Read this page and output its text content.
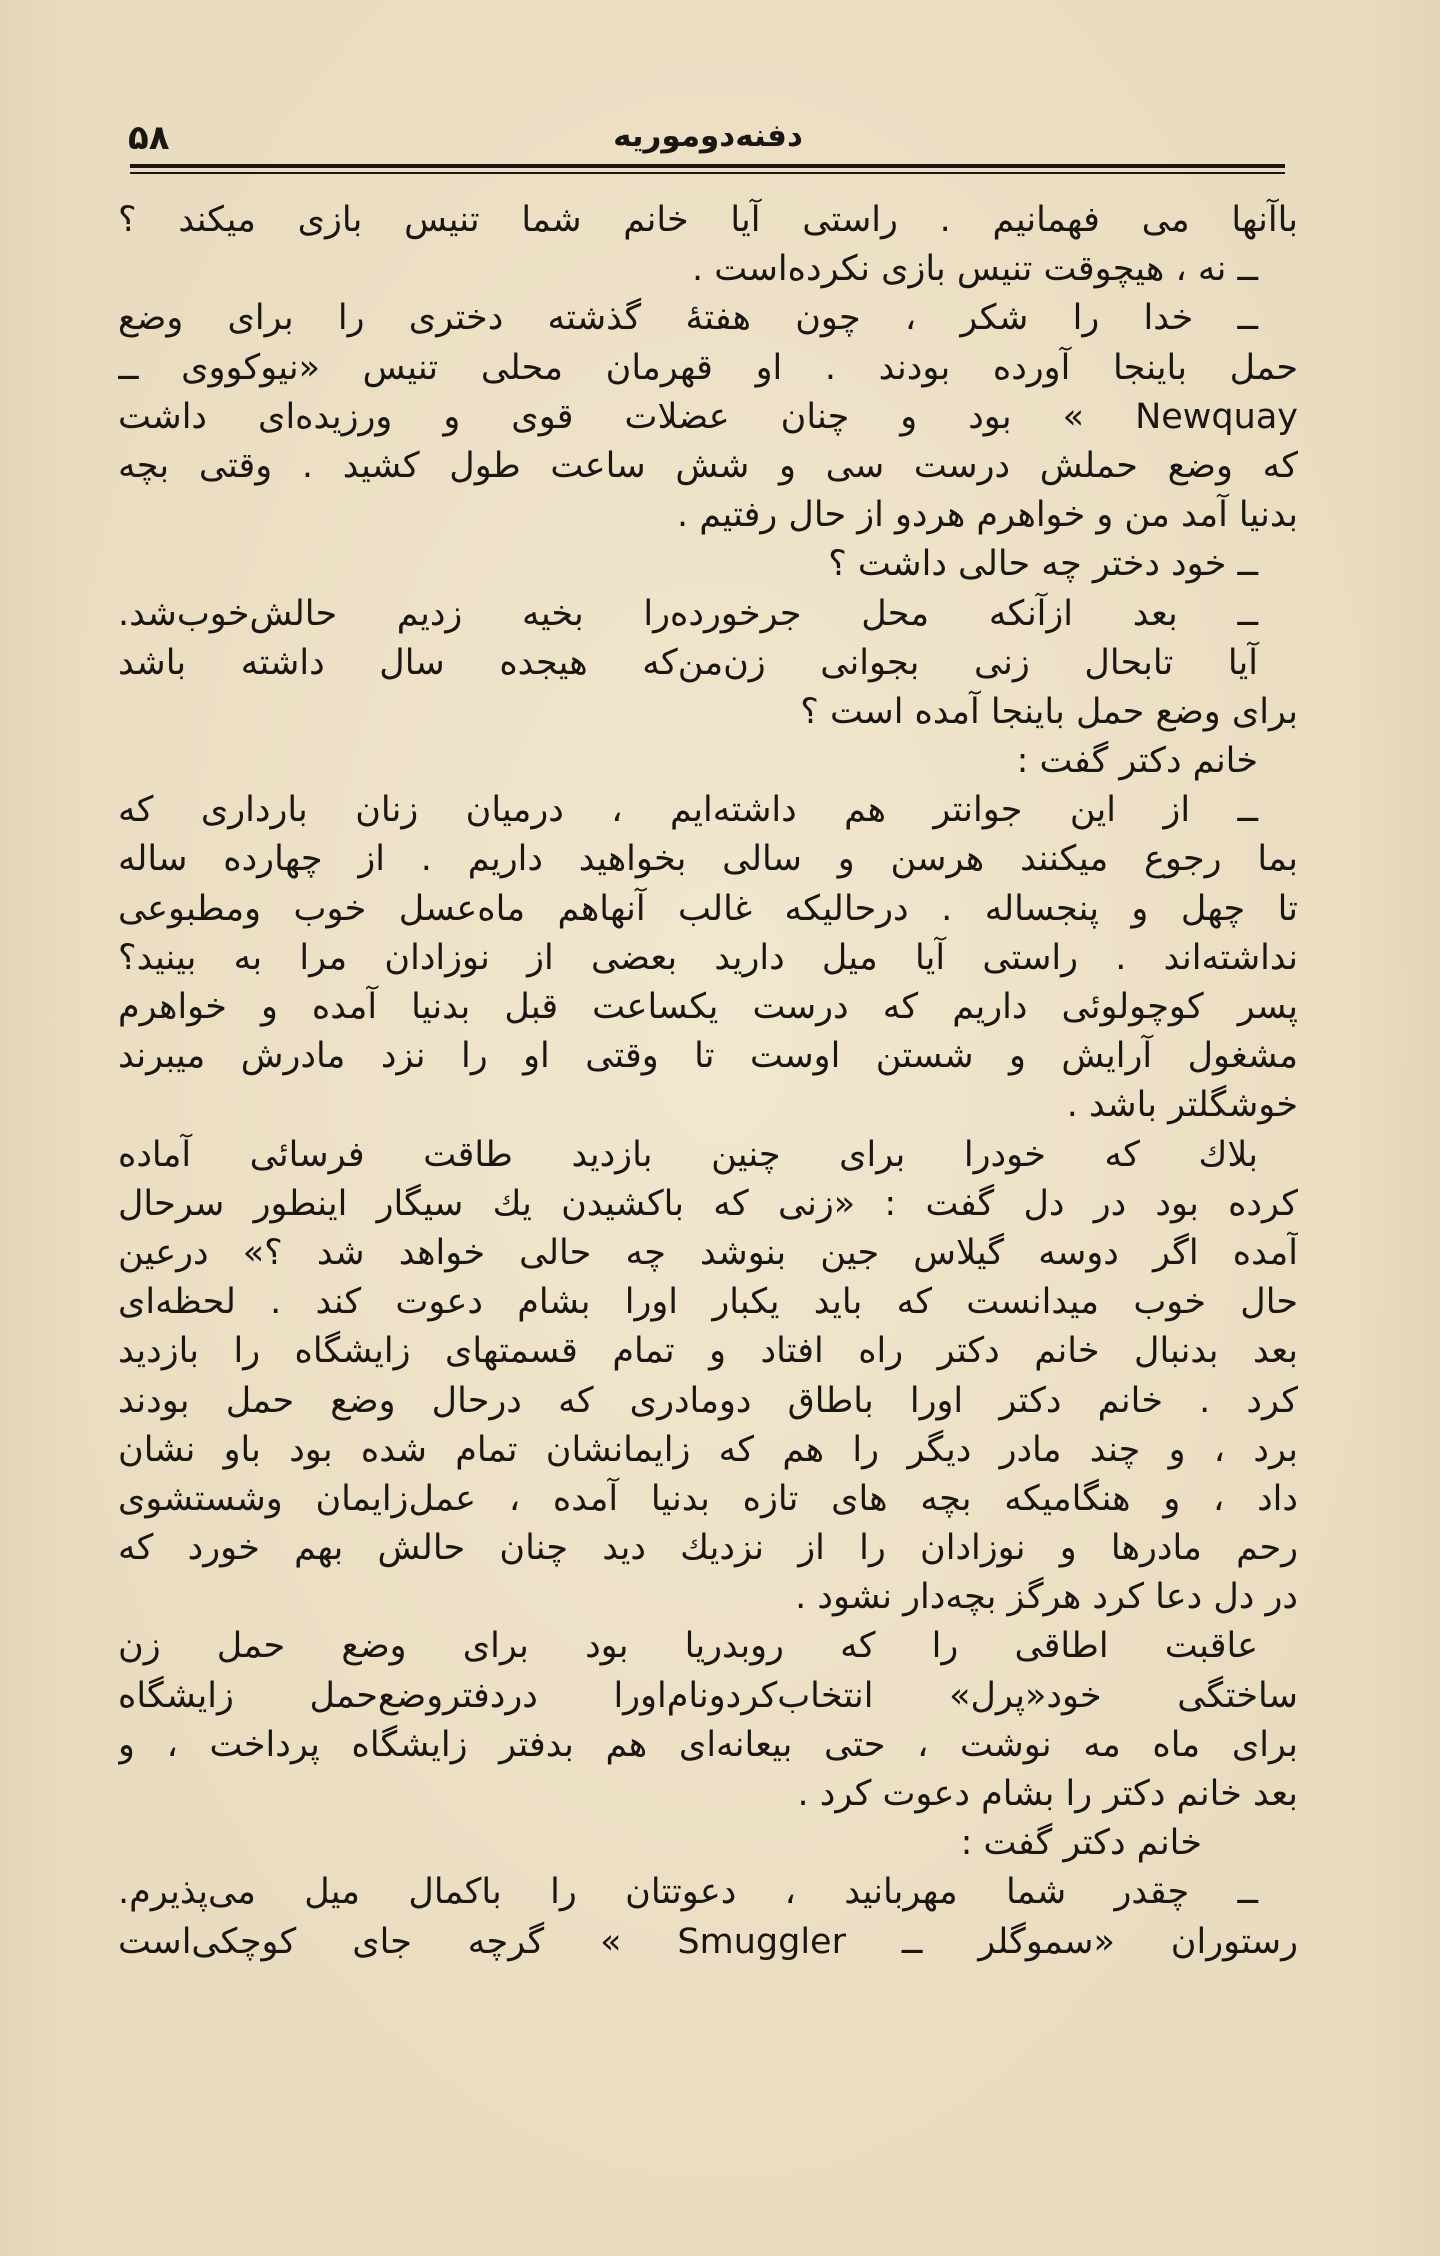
۵۸	دفنه‌دوموریه
باآنها می فهمانیم . راستی آیا خانم شما تنیس بازی میکند ؟
ــ نه ، هیچوقت تنیس بازی نکرده‌است .
ــ خدا را شکر ، چون هفتهٔ گذشته دختری را برای وضع
حمل باینجا آورده بودند . او قهرمان محلی تنیس «نیوکووی ــ
Newquay » بود و چنان عضلات قوی و ورزیده‌ای داشت
که وضع حملش درست سی و شش ساعت طول کشید . وقتی بچه
بدنیا آمد من و خواهرم هردو از حال رفتیم .
ــ خود دختر چه حالی داشت ؟
ــ بعد ازآنکه محل جرخورده‌را بخیه زدیم حالش‌خوب‌شد.
آیا تابحال زنی بجوانی زن‌من‌که هیجده سال داشته باشد
برای وضع حمل باینجا آمده است ؟
خانم دکتر گفت :
ــ از این جوانتر هم داشته‌ایم ، درمیان زنان بارداری که
بما رجوع میکنند هرسن و سالی بخواهید داریم . از چهارده ساله
تا چهل و پنجساله . درحالیکه غالب آنهاهم ماه‌عسل خوب ومطبوعی
نداشته‌اند . راستی آیا میل دارید بعضی از نوزادان مرا به بینید؟
پسر کوچولوئی داریم که درست یکساعت قبل بدنیا آمده و خواهرم
مشغول آرایش و شستن اوست تا وقتی او را نزد مادرش میبرند
خوشگلتر باشد .
بلاك که خودرا برای چنین بازدید طاقت فرسائی آماده
کرده بود در دل گفت : «زنی که باکشیدن یك سیگار اینطور سرحال
آمده اگر دوسه گیلاس جین بنوشد چه حالی خواهد شد ؟» درعین
حال خوب میدانست که باید یکبار اورا بشام دعوت کند . لحظه‌ای
بعد بدنبال خانم دکتر راه افتاد و تمام قسمتهای زایشگاه را بازدید
کرد . خانم دکتر اورا باطاق دومادری که درحال وضع حمل بودند
برد ، و چند مادر دیگر را هم که زایمانشان تمام شده بود باو نشان
داد ، و هنگامیکه بچه های تازه بدنیا آمده ، عمل‌زایمان وشستشوی
رحم مادرها و نوزادان را از نزدیك دید چنان حالش بهم خورد که
در دل دعا کرد هرگز بچه‌دار نشود .
عاقبت اطاقی را که روبدریا بود برای وضع حمل زن
ساختگی خود«پرل» انتخاب‌کردونام‌اورا دردفتروضع‌حمل زایشگاه
برای ماه مه نوشت ، حتی بیعانه‌ای هم بدفتر زایشگاه پرداخت ، و
بعد خانم دکتر را بشام دعوت کرد .
خانم دکتر گفت :
ــ چقدر شما مهربانید ، دعوتتان را باکمال میل می‌پذیرم.
رستوران «سموگلر ــ Smuggler » گرچه جای کوچکی‌است
